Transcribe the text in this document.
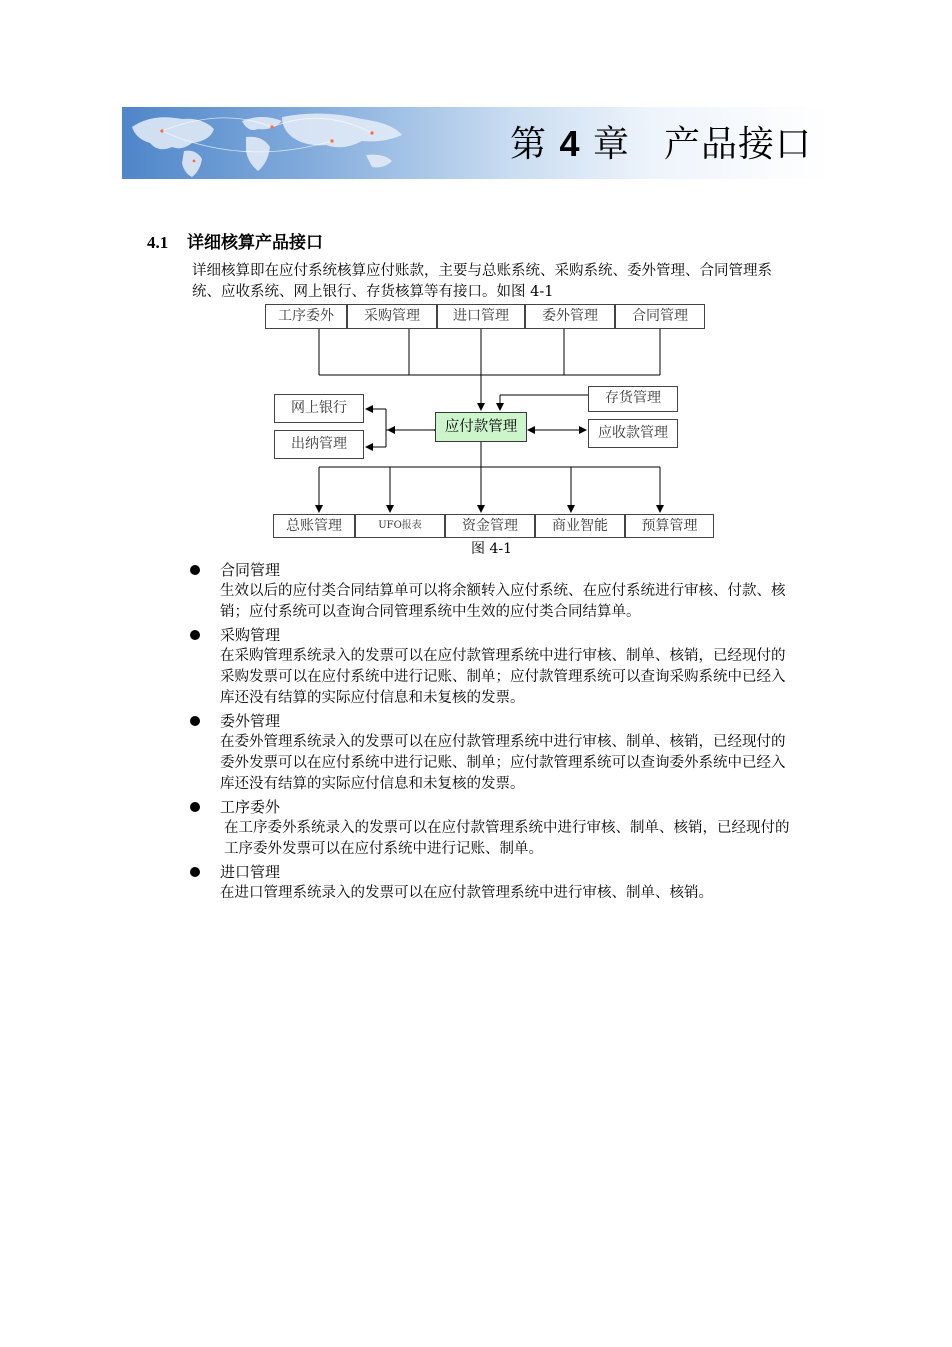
第 4 章 产品接口
4.1 详细核算产品接口
详细核算即在应付系统核算应付账款，主要与总账系统、采购系统、委外管理、合同管理系统、应收系统、网上银行、存货核算等有接口。如图 4-1
工序委外	采购管理	进口管理	委外管理	合同管理
网上银行
出纳管理
应付款管理
存货管理
应收款管理
总账管理	UFO报表	资金管理	商业智能	预算管理
图 4-1
合同管理
生效以后的应付类合同结算单可以将余额转入应付系统、在应付系统进行审核、付款、核销；应付系统可以查询合同管理系统中生效的应付类合同结算单。
采购管理
在采购管理系统录入的发票可以在应付款管理系统中进行审核、制单、核销，已经现付的采购发票可以在应付系统中进行记账、制单；应付款管理系统可以查询采购系统中已经入库还没有结算的实际应付信息和未复核的发票。
委外管理
在委外管理系统录入的发票可以在应付款管理系统中进行审核、制单、核销，已经现付的委外发票可以在应付系统中进行记账、制单；应付款管理系统可以查询委外系统中已经入库还没有结算的实际应付信息和未复核的发票。
工序委外
在工序委外系统录入的发票可以在应付款管理系统中进行审核、制单、核销，已经现付的工序委外发票可以在应付系统中进行记账、制单。
进口管理
在进口管理系统录入的发票可以在应付款管理系统中进行审核、制单、核销。
